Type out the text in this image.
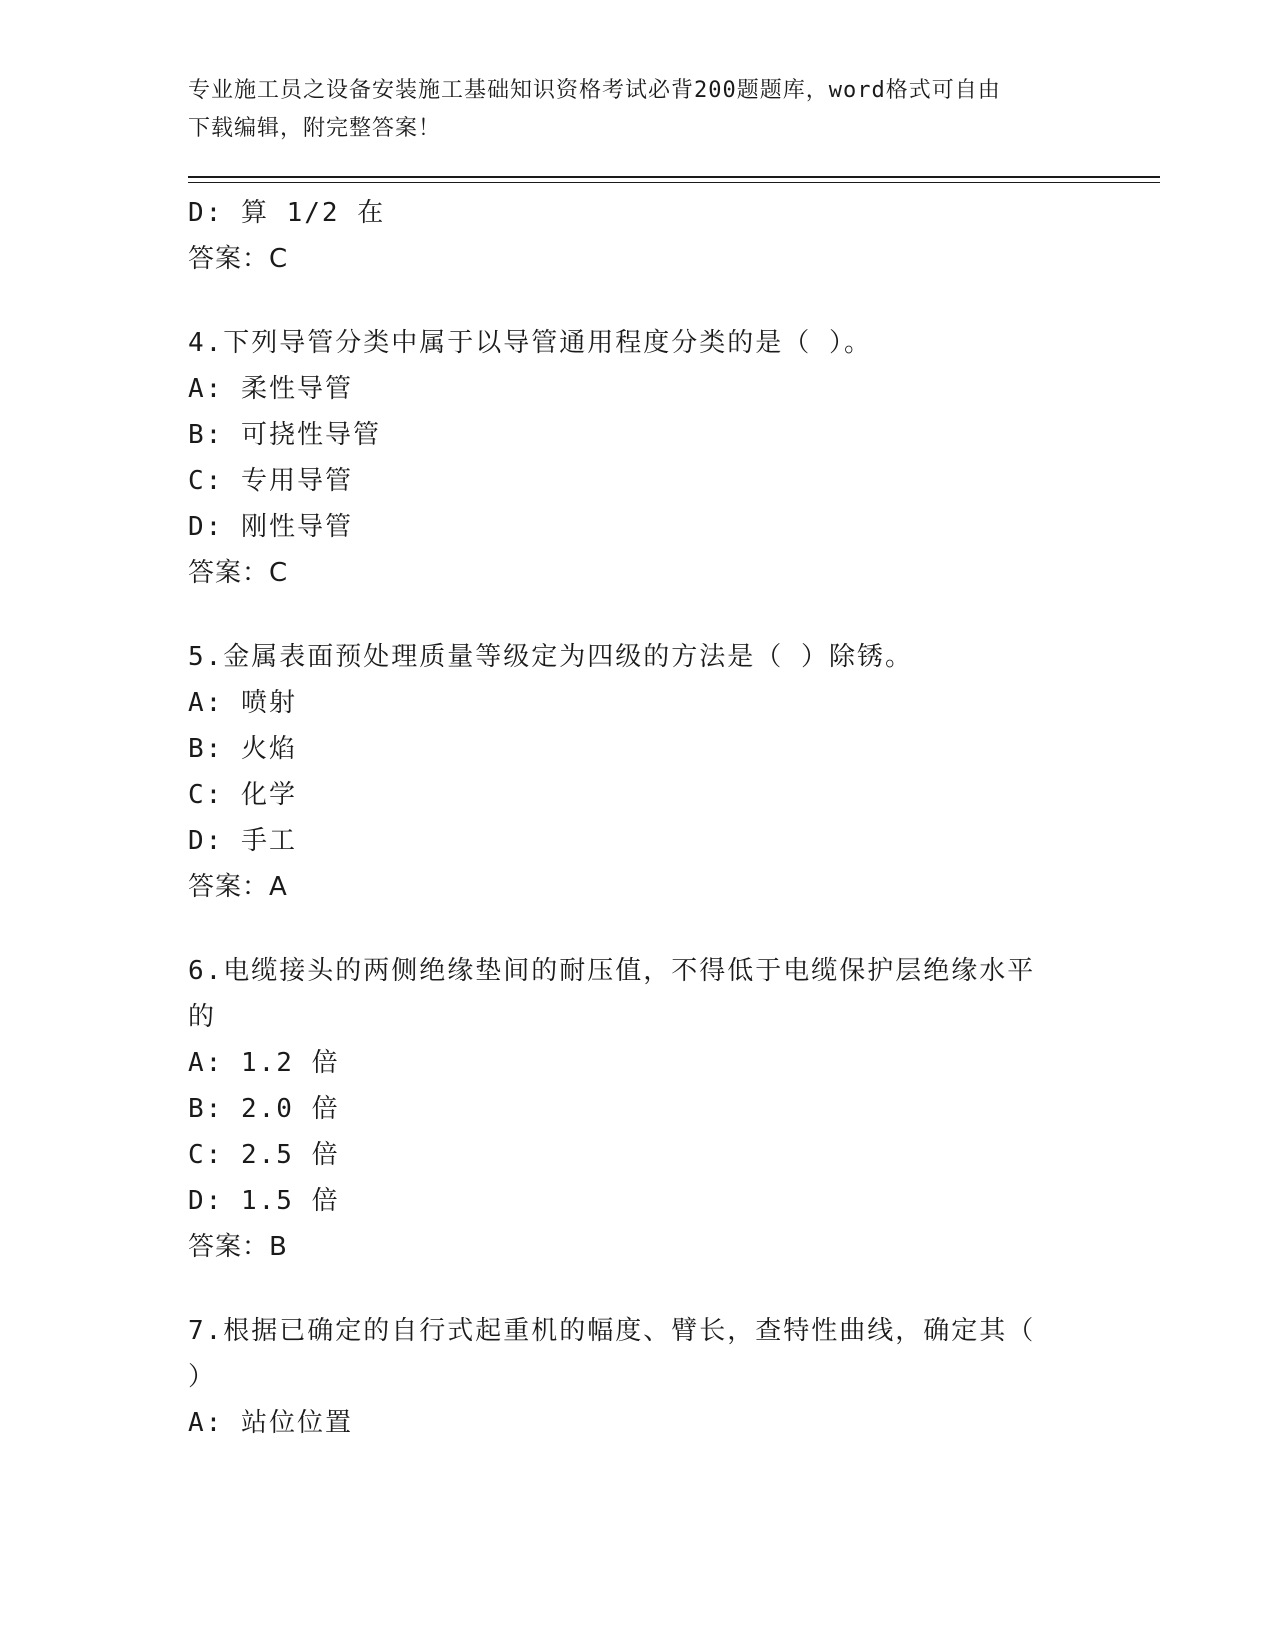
专业施工员之设备安装施工基础知识资格考试必背200题题库，word格式可自由
下载编辑，附完整答案！
D: 算 1/2 在
答案：C
4.下列导管分类中属于以导管通用程度分类的是（ ）。
A: 柔性导管
B: 可挠性导管
C: 专用导管
D: 刚性导管
答案：C
5.金属表面预处理质量等级定为四级的方法是（ ）除锈。
A: 喷射
B: 火焰
C: 化学
D: 手工
答案：A
6.电缆接头的两侧绝缘垫间的耐压值，不得低于电缆保护层绝缘水平
的
A: 1.2 倍
B: 2.0 倍
C: 2.5 倍
D: 1.5 倍
答案：B
7.根据已确定的自行式起重机的幅度、臂长，查特性曲线，确定其（
）
A: 站位位置
